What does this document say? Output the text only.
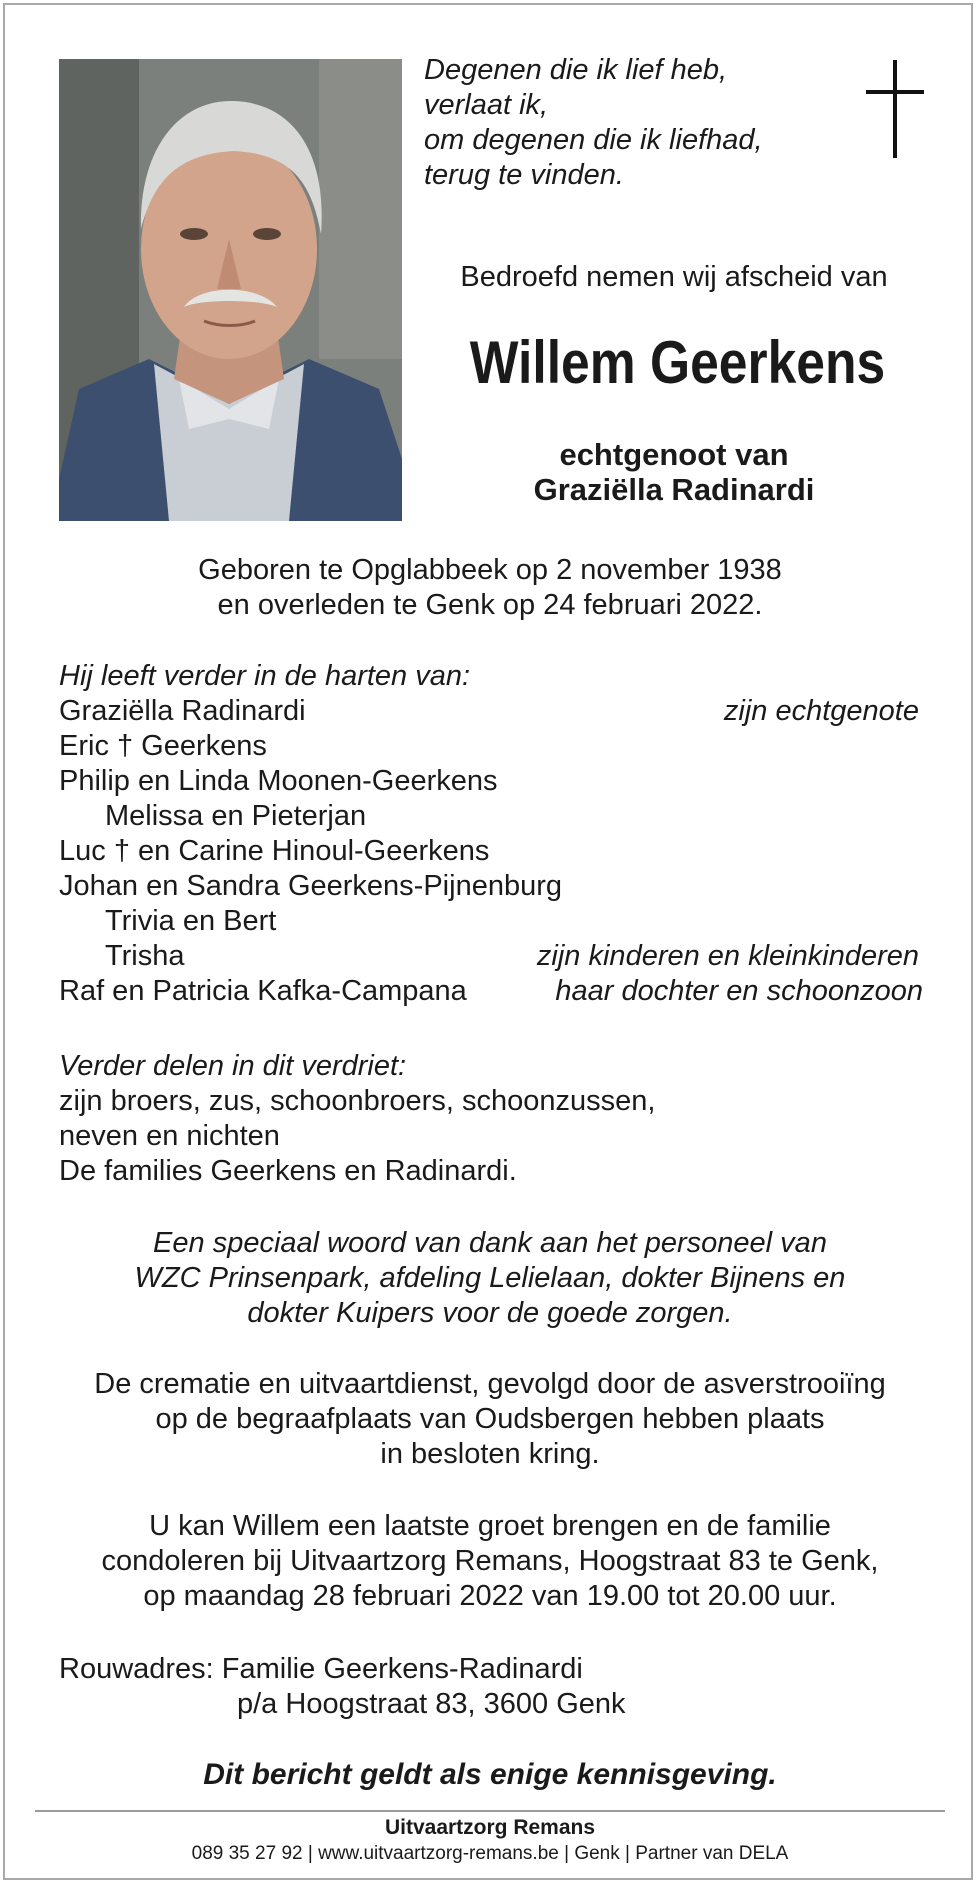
Degenen die ik lief heb,
verlaat ik,
om degenen die ik liefhad,
terug te vinden.
Bedroefd nemen wij afscheid van
Willem Geerkens
echtgenoot van
Graziëlla Radinardi
Geboren te Opglabbeek op 2 november 1938
en overleden te Genk op 24 februari 2022.
Hij leeft verder in de harten van:
Graziëlla Radinardi	zijn echtgenote
Eric † Geerkens
Philip en Linda Moonen-Geerkens
Melissa en Pieterjan
Luc † en Carine Hinoul-Geerkens
Johan en Sandra Geerkens-Pijnenburg
Trivia en Bert
Trisha	zijn kinderen en kleinkinderen
Raf en Patricia Kafka-Campana	haar dochter en schoonzoon
Verder delen in dit verdriet:
zijn broers, zus, schoonbroers, schoonzussen,
neven en nichten
De families Geerkens en Radinardi.
Een speciaal woord van dank aan het personeel van
WZC Prinsenpark, afdeling Lelielaan, dokter Bijnens en
dokter Kuipers voor de goede zorgen.
De crematie en uitvaartdienst, gevolgd door de asverstrooiïng
op de begraafplaats van Oudsbergen hebben plaats
in besloten kring.
U kan Willem een laatste groet brengen en de familie
condoleren bij Uitvaartzorg Remans, Hoogstraat 83 te Genk,
op maandag 28 februari 2022 van 19.00 tot 20.00 uur.
Rouwadres: Familie Geerkens-Radinardi
p/a Hoogstraat 83, 3600 Genk
Dit bericht geldt als enige kennisgeving.
Uitvaartzorg Remans
089 35 27 92 | www.uitvaartzorg-remans.be | Genk | Partner van DELA
